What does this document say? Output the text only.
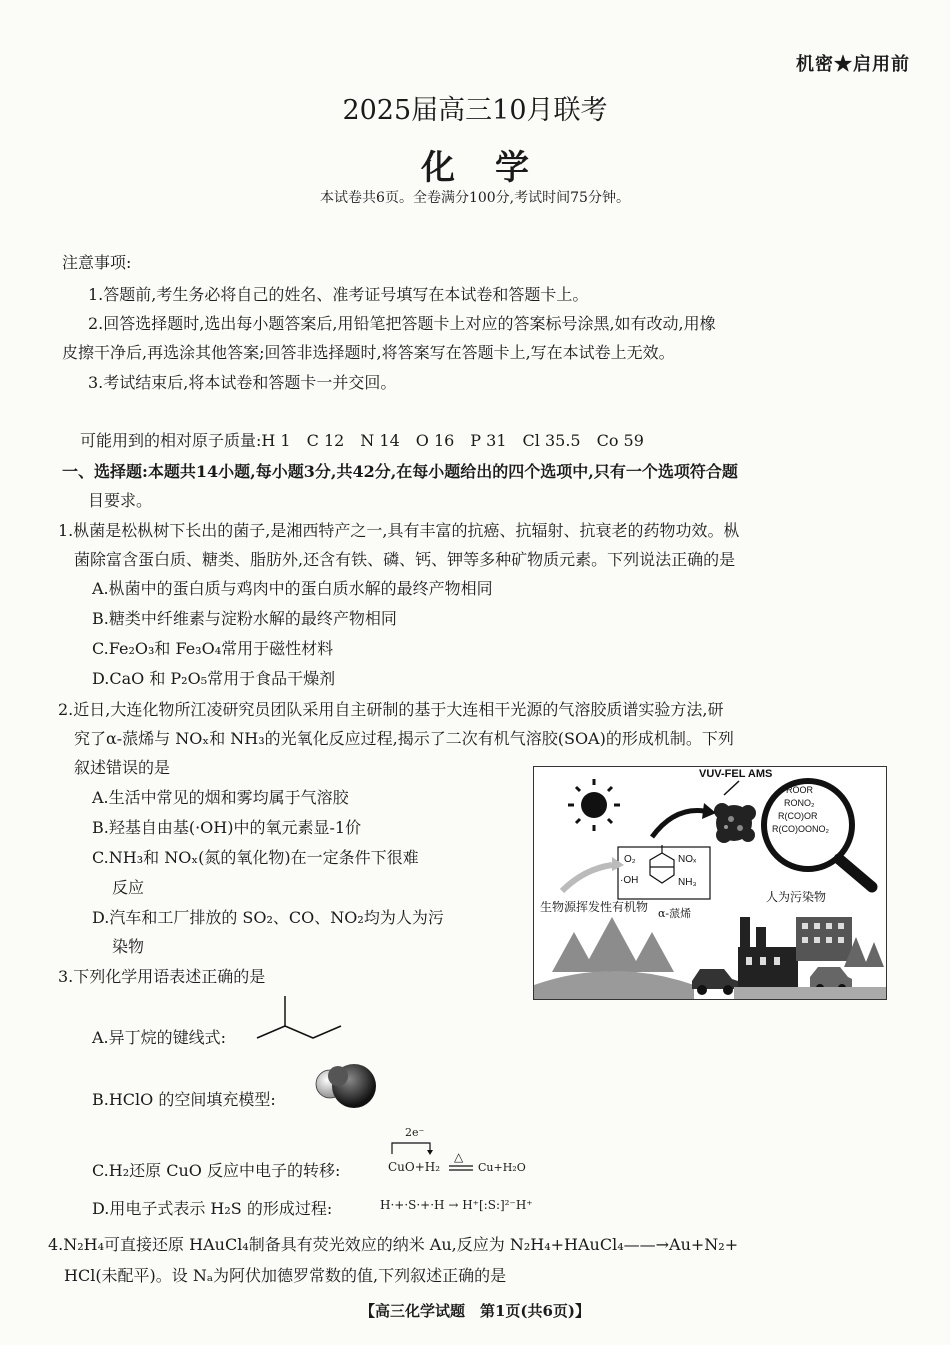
机密★启用前
2025届高三10月联考
化学
本试卷共6页。全卷满分100分,考试时间75分钟。
注意事项:
1.答题前,考生务必将自己的姓名、准考证号填写在本试卷和答题卡上。
2.回答选择题时,选出每小题答案后,用铅笔把答题卡上对应的答案标号涂黑,如有改动,用橡
皮擦干净后,再选涂其他答案;回答非选择题时,将答案写在答题卡上,写在本试卷上无效。
3.考试结束后,将本试卷和答题卡一并交回。
可能用到的相对原子质量:H 1　C 12　N 14　O 16　P 31　Cl 35.5　Co 59
一、选择题:本题共14小题,每小题3分,共42分,在每小题给出的四个选项中,只有一个选项符合题
目要求。
1.枞菌是松枞树下长出的菌子,是湘西特产之一,具有丰富的抗癌、抗辐射、抗衰老的药物功效。枞
菌除富含蛋白质、糖类、脂肪外,还含有铁、磷、钙、钾等多种矿物质元素。下列说法正确的是
A.枞菌中的蛋白质与鸡肉中的蛋白质水解的最终产物相同
B.糖类中纤维素与淀粉水解的最终产物相同
C.Fe₂O₃和 Fe₃O₄常用于磁性材料
D.CaO 和 P₂O₅常用于食品干燥剂
2.近日,大连化物所江凌研究员团队采用自主研制的基于大连相干光源的气溶胶质谱实验方法,研
究了α-蒎烯与 NOₓ和 NH₃的光氧化反应过程,揭示了二次有机气溶胶(SOA)的形成机制。下列
叙述错误的是
A.生活中常见的烟和雾均属于气溶胶
B.羟基自由基(·OH)中的氧元素显-1价
C.NH₃和 NOₓ(氮的氧化物)在一定条件下很难
反应
D.汽车和工厂排放的 SO₂、CO、NO₂均为人为污
染物
VUV-FEL AMS
ROOR
RONO₂
R(CO)OR
R(CO)OONO₂
O₂
·OH
NOₓ
NH₃
生物源挥发性有机物 α-蒎烯
人为污染物
3.下列化学用语表述正确的是
A.异丁烷的键线式:
B.HClO 的空间填充模型:
C.H₂还原 CuO 反应中电子的转移:
2e⁻
CuO+H₂
△
Cu+H₂O
D.用电子式表示 H₂S 的形成过程:	H·+·S·+·H → H⁺[:S:]²⁻H⁺
4.N₂H₄可直接还原 HAuCl₄制备具有荧光效应的纳米 Au,反应为 N₂H₄+HAuCl₄——→Au+N₂+
HCl(未配平)。设 Nₐ为阿伏加德罗常数的值,下列叙述正确的是
【高三化学试题　第1页(共6页)】
